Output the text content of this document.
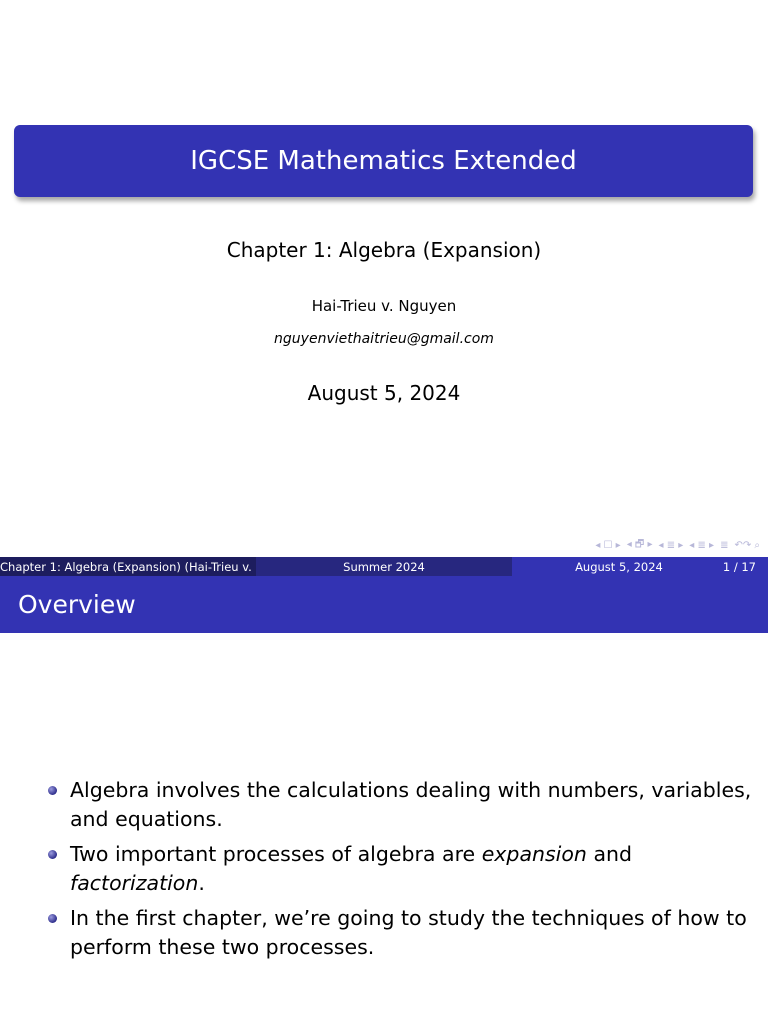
IGCSE Mathematics Extended
Chapter 1: Algebra (Expansion)
Hai-Trieu v. Nguyen
nguyenviethaitrieu@gmail.com
August 5, 2024
◂ ☐ ▸ ◂ 🗗 ▸ ◂ ≣ ▸ ◂ ≣ ▸ ≣ ↶↷ ⌕
Chapter 1: Algebra (Expansion) (Hai-Trieu v.	Summer 2024	August 5, 2024	1 / 17
Overview
Algebra involves the calculations dealing with numbers, variables, and equations.
Two important processes of algebra are expansion and factorization.
In the first chapter, we’re going to study the techniques of how to perform these two processes.
